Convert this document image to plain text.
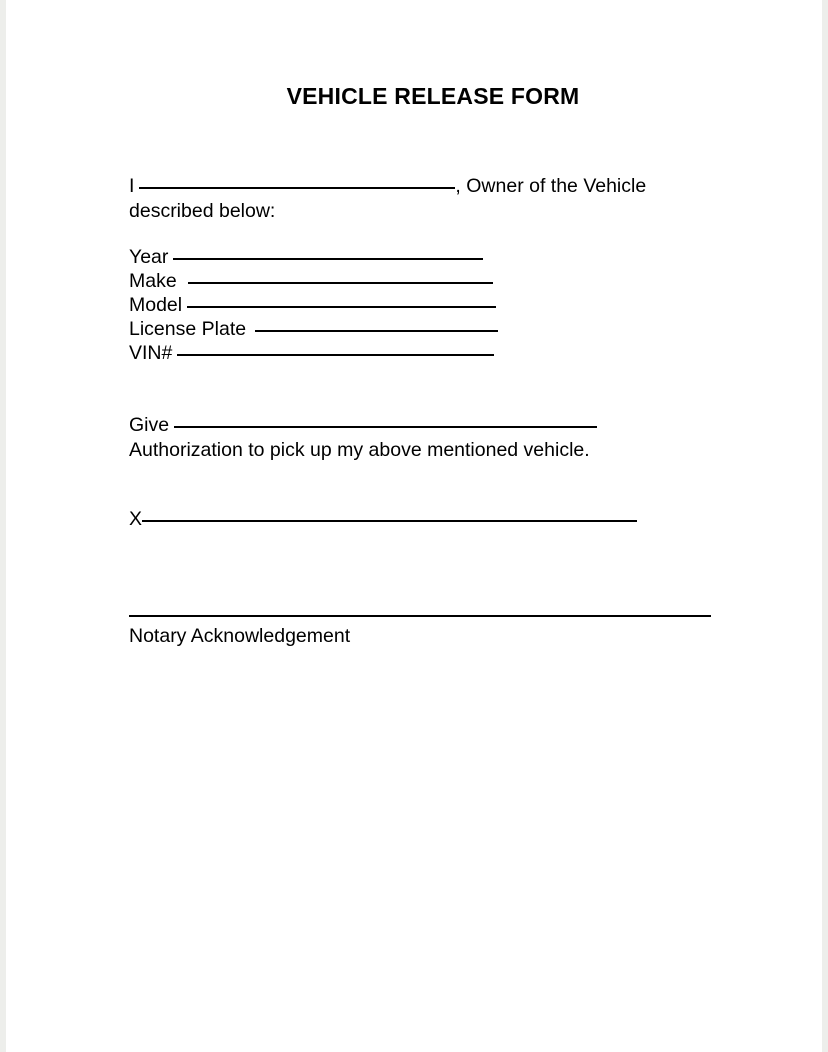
VEHICLE RELEASE FORM
I	, Owner of the Vehicle
described below:
Year
Make
Model
License Plate
VIN#
Give
Authorization to pick up my above mentioned vehicle.
X
Notary Acknowledgement
